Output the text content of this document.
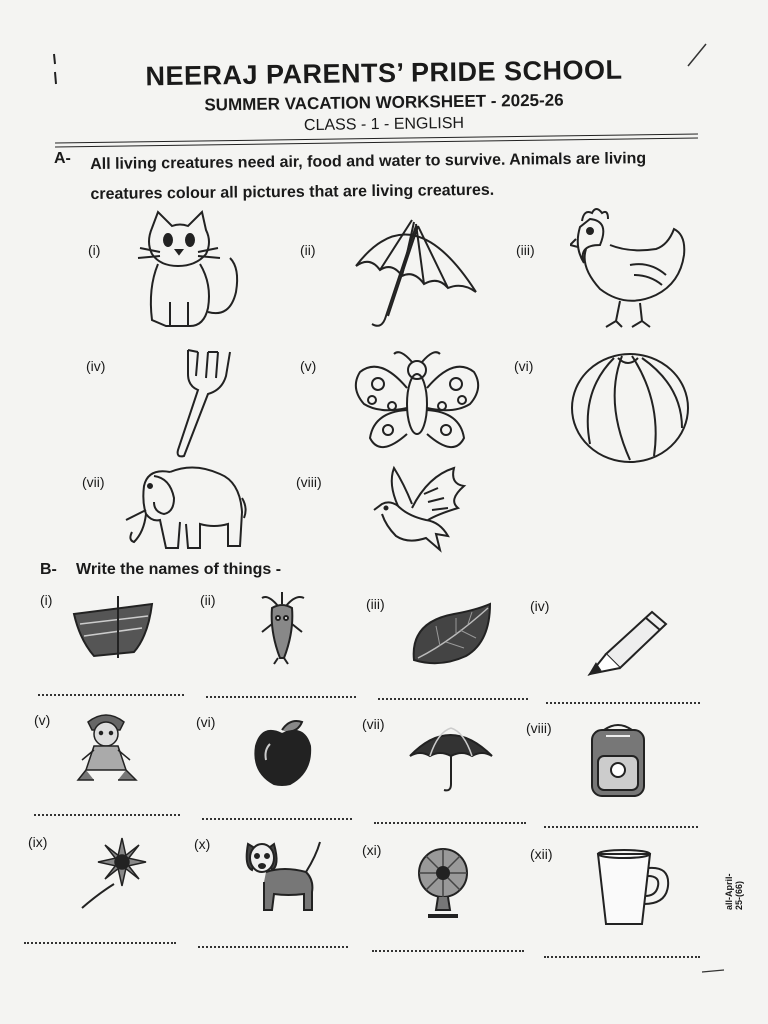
NEERAJ PARENTS’ PRIDE SCHOOL
SUMMER VACATION WORKSHEET - 2025-26
CLASS - 1 - ENGLISH
A- All living creatures need air, food and water to survive. Animals are living creatures colour all pictures that are living creatures.
(i)	(ii)	(iii)
(iv)	(v)	(vi)
(vii)	(viii)
B- Write the names of things -
(i)	(ii)	(iii)	(iv)
(v)	(vi)	(vii)	(viii)
(ix)	(x)	(xi)	(xii)
all-April-25-(66)
